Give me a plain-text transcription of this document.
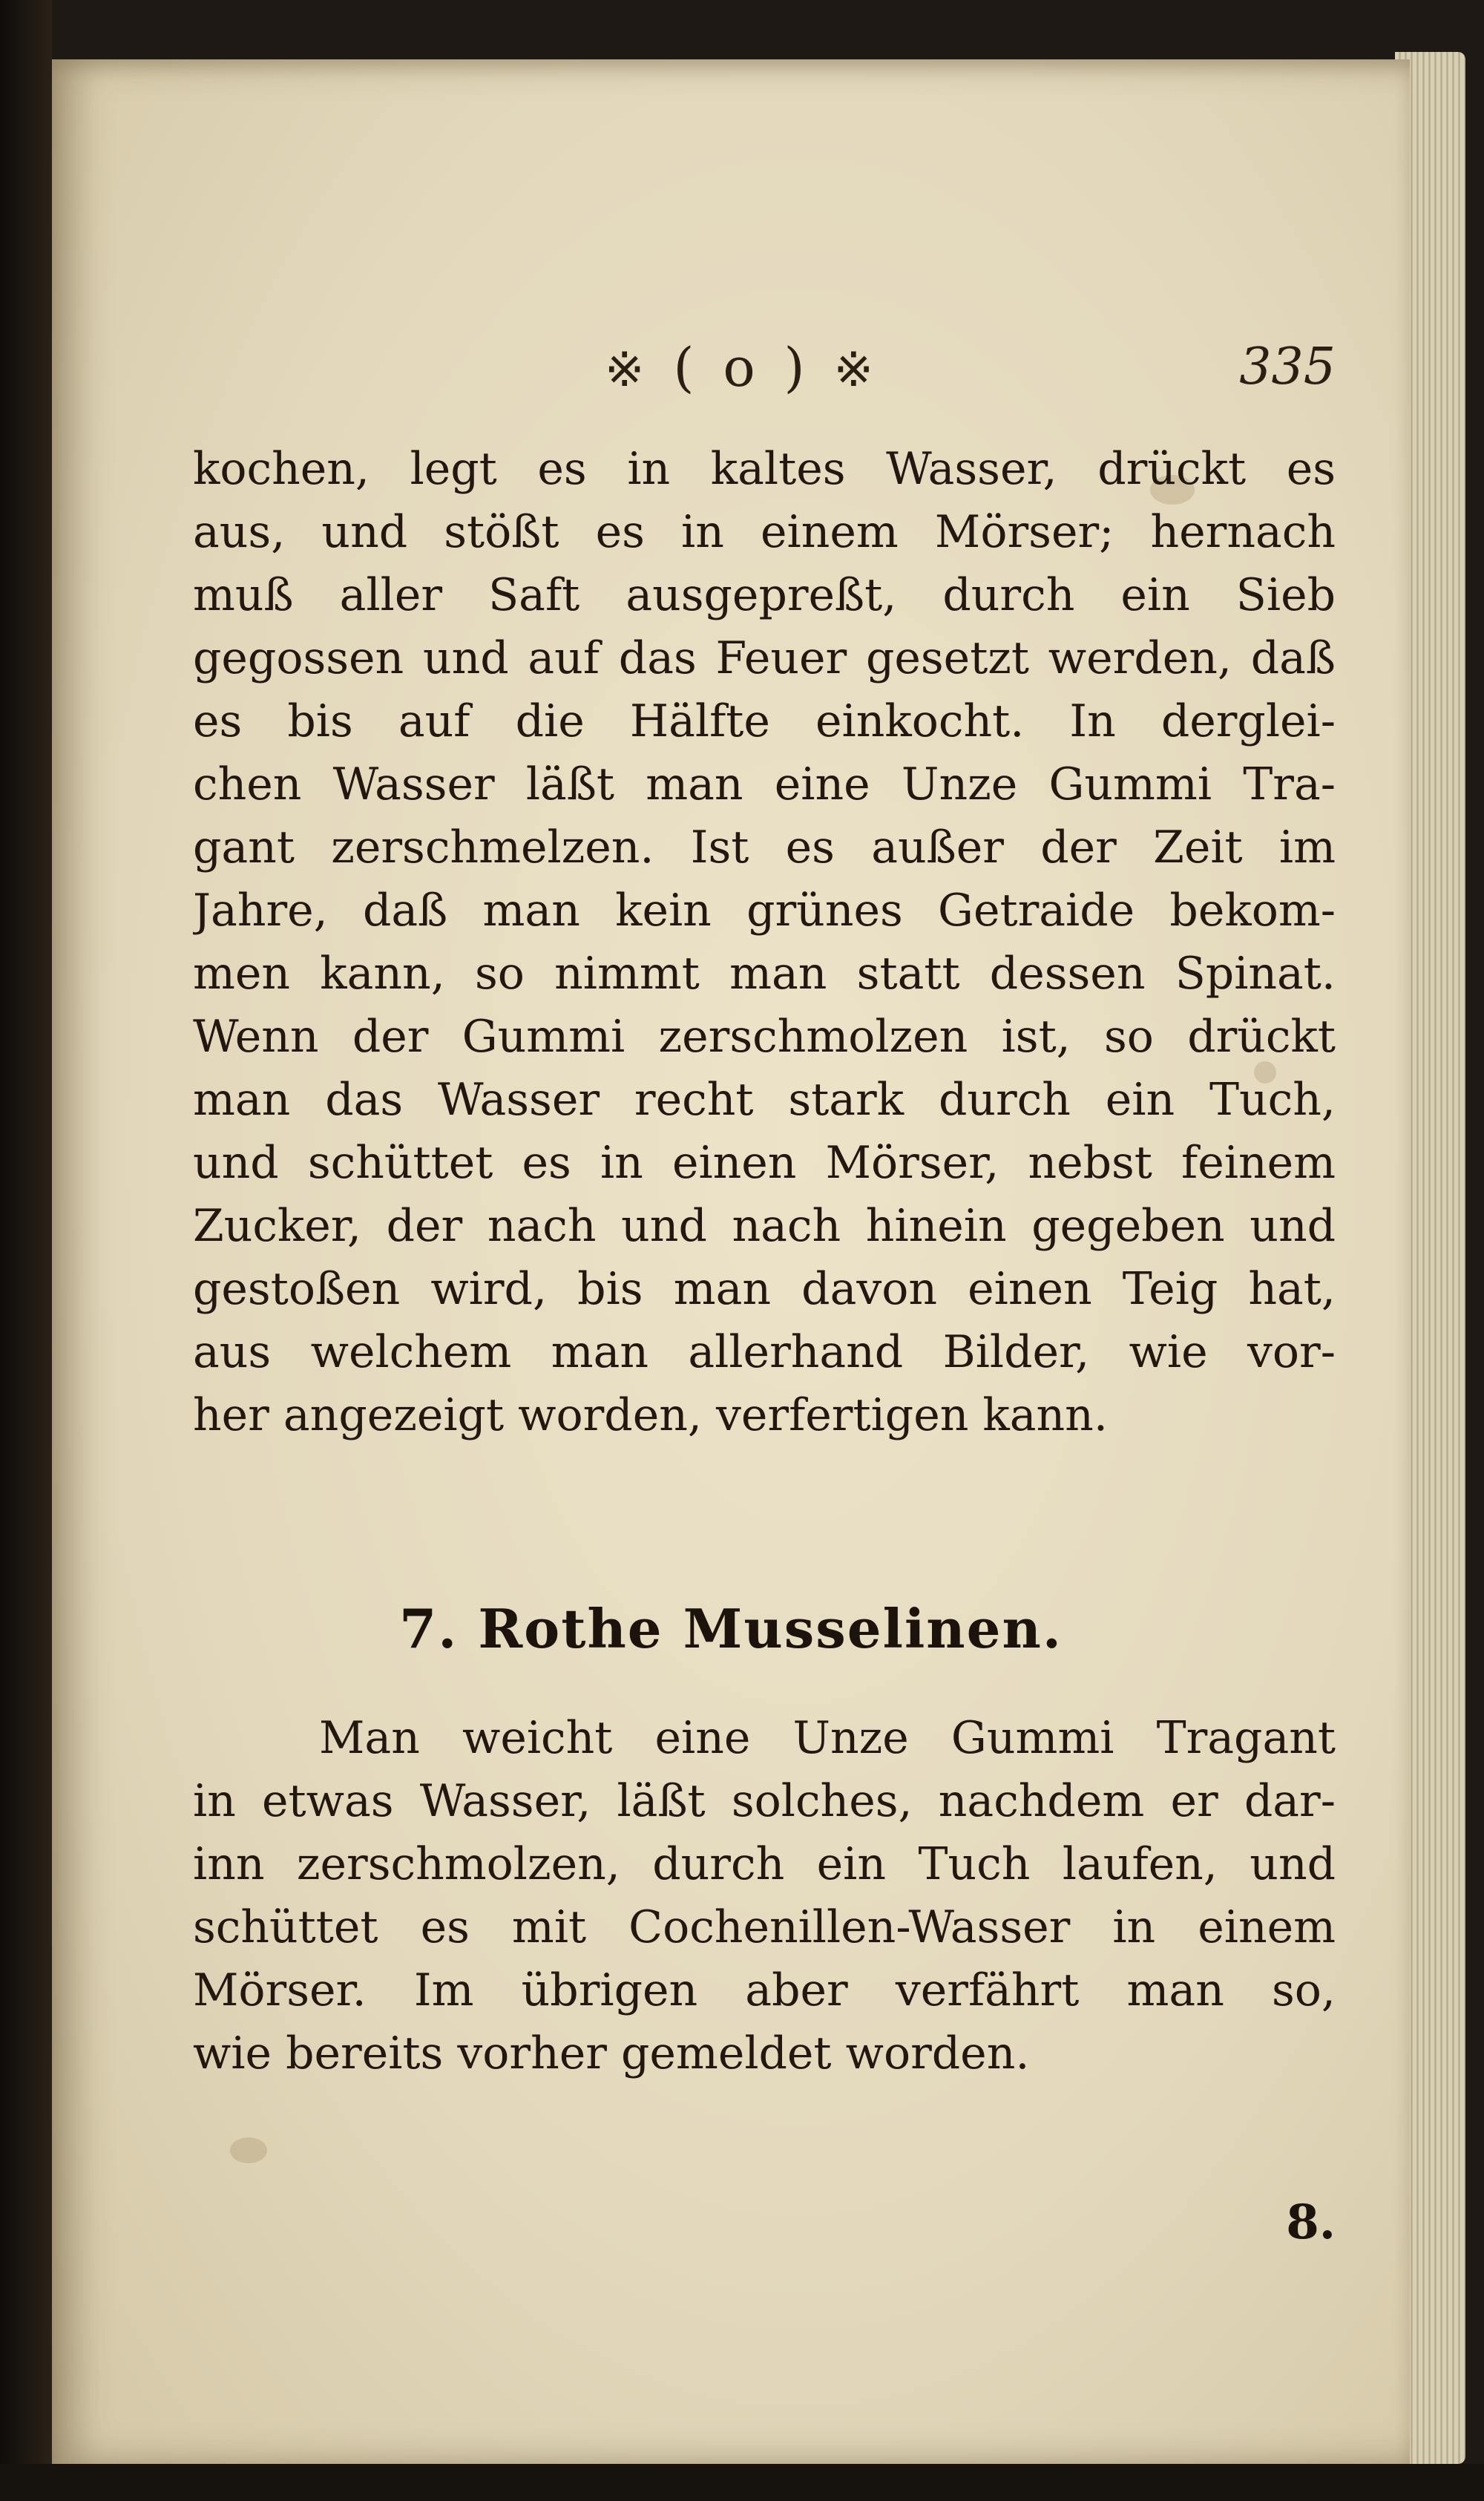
※ ( o ) ※	335
kochen, legt es in kaltes Wasser, drückt es
aus, und stößt es in einem Mörser; hernach
muß aller Saft ausgepreßt, durch ein Sieb
gegossen und auf das Feuer gesetzt werden, daß
es bis auf die Hälfte einkocht. In derglei-
chen Wasser läßt man eine Unze Gummi Tra-
gant zerschmelzen. Ist es außer der Zeit im
Jahre, daß man kein grünes Getraide bekom-
men kann, so nimmt man statt dessen Spinat.
Wenn der Gummi zerschmolzen ist, so drückt
man das Wasser recht stark durch ein Tuch,
und schüttet es in einen Mörser, nebst feinem
Zucker, der nach und nach hinein gegeben und
gestoßen wird, bis man davon einen Teig hat,
aus welchem man allerhand Bilder, wie vor-
her angezeigt worden, verfertigen kann.
7. Rothe Musselinen.
Man weicht eine Unze Gummi Tragant
in etwas Wasser, läßt solches, nachdem er dar-
inn zerschmolzen, durch ein Tuch laufen, und
schüttet es mit Cochenillen-Wasser in einem
Mörser. Im übrigen aber verfährt man so,
wie bereits vorher gemeldet worden.
8.
